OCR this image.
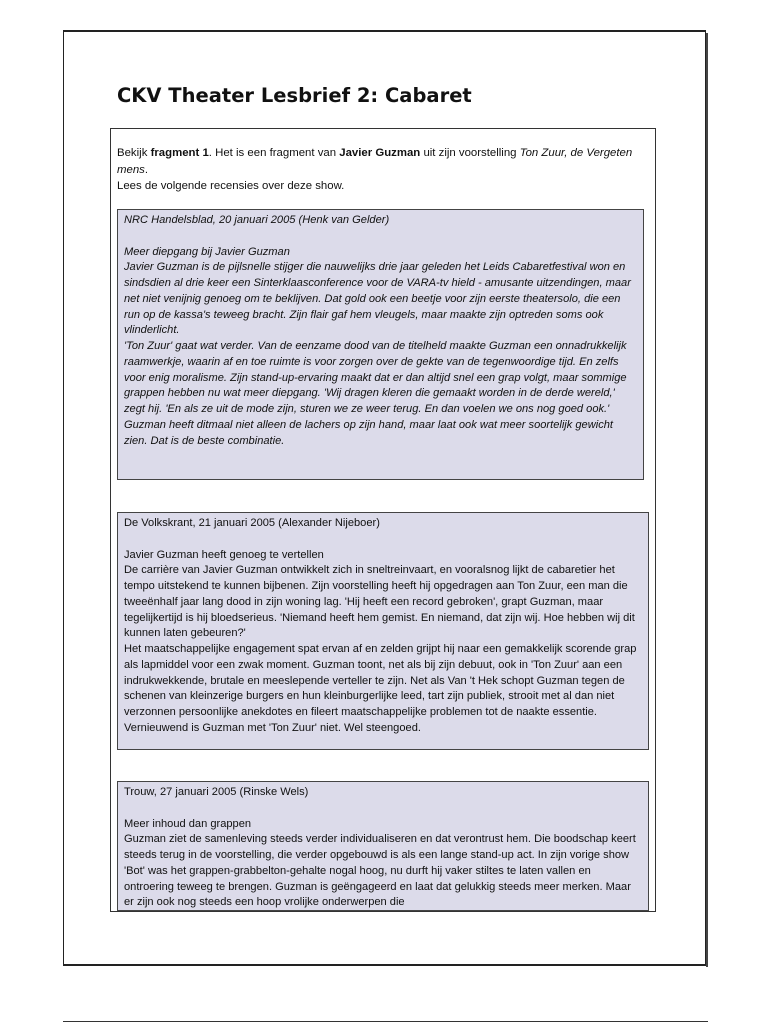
CKV Theater Lesbrief 2: Cabaret
Bekijk fragment 1. Het is een fragment van Javier Guzman uit zijn voorstelling Ton Zuur, de Vergeten mens.
Lees de volgende recensies over deze show.
NRC Handelsblad, 20 januari 2005 (Henk van Gelder)
Meer diepgang bij Javier Guzman

Javier Guzman is de pijlsnelle stijger die nauwelijks drie jaar geleden het Leids Cabaretfestival won en sindsdien al drie keer een Sinterklaasconference voor de VARA-tv hield - amusante uitzendingen, maar net niet venijnig genoeg om te beklijven. Dat gold ook een beetje voor zijn eerste theatersolo, die een run op de kassa's teweeg bracht. Zijn flair gaf hem vleugels, maar maakte zijn optreden soms ook vlinderlicht.

'Ton Zuur' gaat wat verder. Van de eenzame dood van de titelheld maakte Guzman een onnadrukkelijk raamwerkje, waarin af en toe ruimte is voor zorgen over de gekte van de tegenwoordige tijd. En zelfs voor enig moralisme. Zijn stand-up-ervaring maakt dat er dan altijd snel een grap volgt, maar sommige grappen hebben nu wat meer diepgang. 'Wij dragen kleren die gemaakt worden in de derde wereld,' zegt hij. 'En als ze uit de mode zijn, sturen we ze weer terug. En dan voelen we ons nog goed ook.' Guzman heeft ditmaal niet alleen de lachers op zijn hand, maar laat ook wat meer soortelijk gewicht zien. Dat is de beste combinatie.

De Volkskrant, 21 januari 2005 (Alexander Nijeboer)
Javier Guzman heeft genoeg te vertellen

De carrière van Javier Guzman ontwikkelt zich in sneltreinvaart, en vooralsnog lijkt de cabaretier het tempo uitstekend te kunnen bijbenen. Zijn voorstelling heeft hij opgedragen aan Ton Zuur, een man die tweeënhalf jaar lang dood in zijn woning lag. 'Hij heeft een record gebroken', grapt Guzman, maar tegelijkertijd is hij bloedserieus. 'Niemand heeft hem gemist. En niemand, dat zijn wij. Hoe hebben wij dit kunnen laten gebeuren?'

Het maatschappelijke engagement spat ervan af en zelden grijpt hij naar een gemakkelijk scorende grap als lapmiddel voor een zwak moment. Guzman toont, net als bij zijn debuut, ook in 'Ton Zuur' aan een indrukwekkende, brutale en meeslepende verteller te zijn. Net als Van 't Hek schopt Guzman tegen de schenen van kleinzerige burgers en hun kleinburgerlijke leed, tart zijn publiek, strooit met al dan niet verzonnen persoonlijke anekdotes en fileert maatschappelijke problemen tot de naakte essentie. Vernieuwend is Guzman met 'Ton Zuur' niet. Wel steengoed.

Trouw, 27 januari 2005 (Rinske Wels)
Meer inhoud dan grappen

Guzman ziet de samenleving steeds verder individualiseren en dat verontrust hem. Die boodschap keert steeds terug in de voorstelling, die verder opgebouwd is als een lange stand-up act. In zijn vorige show 'Bot' was het grappen-grabbelton-gehalte nogal hoog, nu durft hij vaker stiltes te laten vallen en ontroering teweeg te brengen. Guzman is geëngageerd en laat dat gelukkig steeds meer merken. Maar er zijn ook nog steeds een hoop vrolijke onderwerpen die
